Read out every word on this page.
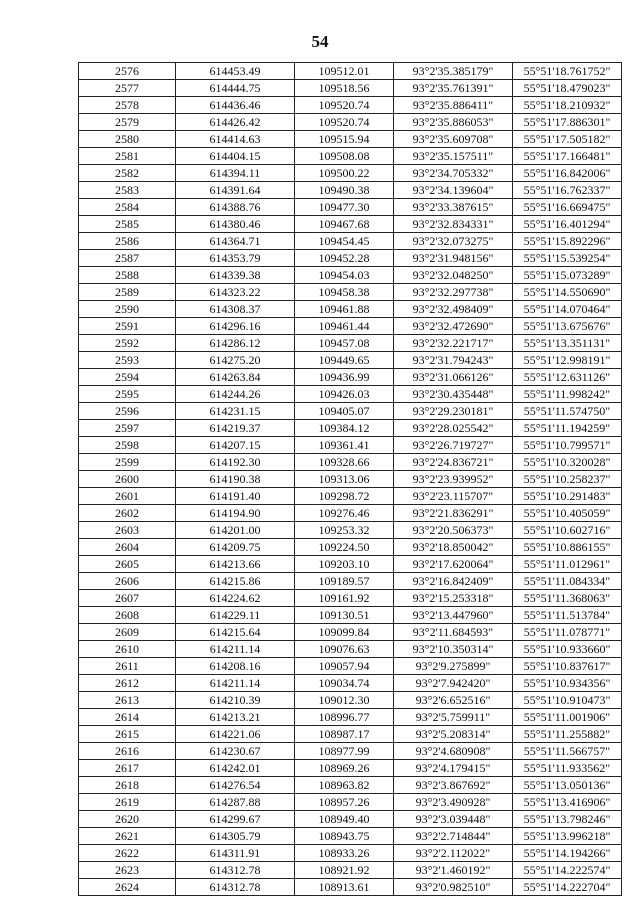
54
2576	614453.49	109512.01	93°2'35.385179"	55°51'18.761752"
2577	614444.75	109518.56	93°2'35.761391"	55°51'18.479023"
2578	614436.46	109520.74	93°2'35.886411"	55°51'18.210932"
2579	614426.42	109520.74	93°2'35.886053"	55°51'17.886301"
2580	614414.63	109515.94	93°2'35.609708"	55°51'17.505182"
2581	614404.15	109508.08	93°2'35.157511"	55°51'17.166481"
2582	614394.11	109500.22	93°2'34.705332"	55°51'16.842006"
2583	614391.64	109490.38	93°2'34.139604"	55°51'16.762337"
2584	614388.76	109477.30	93°2'33.387615"	55°51'16.669475"
2585	614380.46	109467.68	93°2'32.834331"	55°51'16.401294"
2586	614364.71	109454.45	93°2'32.073275"	55°51'15.892296"
2587	614353.79	109452.28	93°2'31.948156"	55°51'15.539254"
2588	614339.38	109454.03	93°2'32.048250"	55°51'15.073289"
2589	614323.22	109458.38	93°2'32.297738"	55°51'14.550690"
2590	614308.37	109461.88	93°2'32.498409"	55°51'14.070464"
2591	614296.16	109461.44	93°2'32.472690"	55°51'13.675676"
2592	614286.12	109457.08	93°2'32.221717"	55°51'13.351131"
2593	614275.20	109449.65	93°2'31.794243"	55°51'12.998191"
2594	614263.84	109436.99	93°2'31.066126"	55°51'12.631126"
2595	614244.26	109426.03	93°2'30.435448"	55°51'11.998242"
2596	614231.15	109405.07	93°2'29.230181"	55°51'11.574750"
2597	614219.37	109384.12	93°2'28.025542"	55°51'11.194259"
2598	614207.15	109361.41	93°2'26.719727"	55°51'10.799571"
2599	614192.30	109328.66	93°2'24.836721"	55°51'10.320028"
2600	614190.38	109313.06	93°2'23.939952"	55°51'10.258237"
2601	614191.40	109298.72	93°2'23.115707"	55°51'10.291483"
2602	614194.90	109276.46	93°2'21.836291"	55°51'10.405059"
2603	614201.00	109253.32	93°2'20.506373"	55°51'10.602716"
2604	614209.75	109224.50	93°2'18.850042"	55°51'10.886155"
2605	614213.66	109203.10	93°2'17.620064"	55°51'11.012961"
2606	614215.86	109189.57	93°2'16.842409"	55°51'11.084334"
2607	614224.62	109161.92	93°2'15.253318"	55°51'11.368063"
2608	614229.11	109130.51	93°2'13.447960"	55°51'11.513784"
2609	614215.64	109099.84	93°2'11.684593"	55°51'11.078771"
2610	614211.14	109076.63	93°2'10.350314"	55°51'10.933660"
2611	614208.16	109057.94	93°2'9.275899"	55°51'10.837617"
2612	614211.14	109034.74	93°2'7.942420"	55°51'10.934356"
2613	614210.39	109012.30	93°2'6.652516"	55°51'10.910473"
2614	614213.21	108996.77	93°2'5.759911"	55°51'11.001906"
2615	614221.06	108987.17	93°2'5.208314"	55°51'11.255882"
2616	614230.67	108977.99	93°2'4.680908"	55°51'11.566757"
2617	614242.01	108969.26	93°2'4.179415"	55°51'11.933562"
2618	614276.54	108963.82	93°2'3.867692"	55°51'13.050136"
2619	614287.88	108957.26	93°2'3.490928"	55°51'13.416906"
2620	614299.67	108949.40	93°2'3.039448"	55°51'13.798246"
2621	614305.79	108943.75	93°2'2.714844"	55°51'13.996218"
2622	614311.91	108933.26	93°2'2.112022"	55°51'14.194266"
2623	614312.78	108921.92	93°2'1.460192"	55°51'14.222574"
2624	614312.78	108913.61	93°2'0.982510"	55°51'14.222704"
